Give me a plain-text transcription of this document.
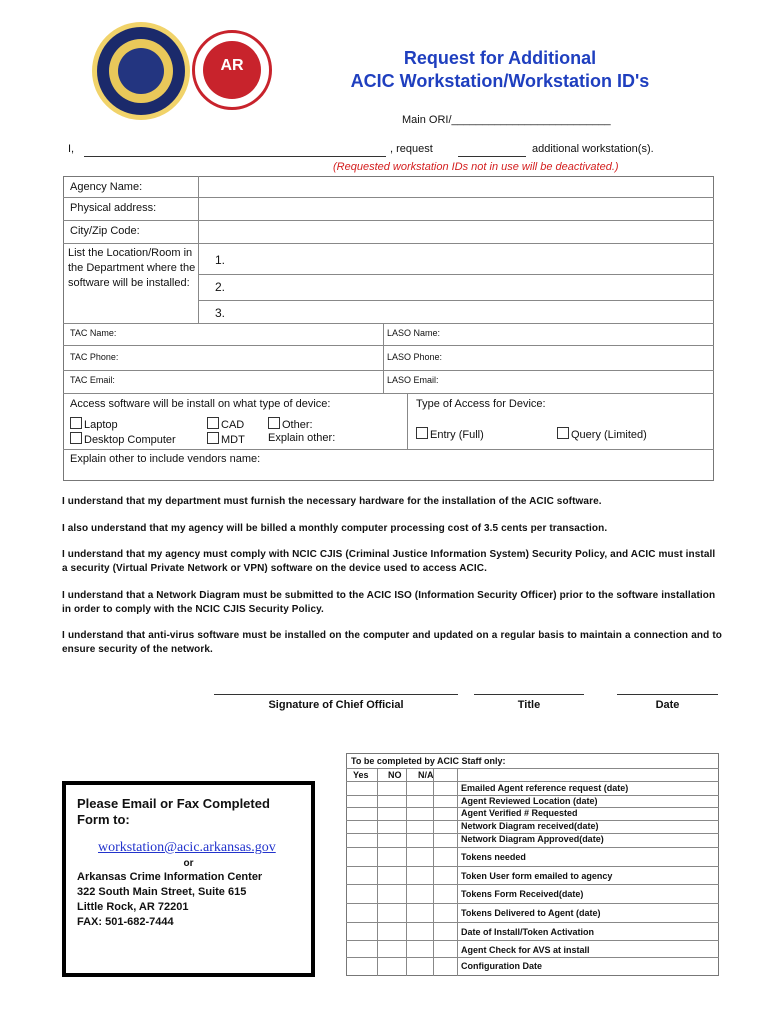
AR	Request for Additional
ACIC Workstation/Workstation ID's
Main ORI/__________________________
I,	, request	additional workstation(s).
(Requested workstation IDs not in use will be deactivated.)
Agency Name:
Physical address:
City/Zip Code:
List the Location/Room in the Department where the software will be installed:
1.
2.
3.
TAC Name:	LASO Name:
TAC Phone:	LASO Phone:
TAC Email:	LASO Email:
Access software will be install on what type of device:
Laptop
Desktop Computer
CAD
MDT
Other:
Explain other:
Type of Access for Device:
Entry (Full)	Query (Limited)
Explain other to include vendors name:
I understand that my department must furnish the necessary hardware for the installation of the ACIC software.
I also understand that my agency will be billed a monthly computer processing cost of 3.5 cents per transaction.
I understand that my agency must comply with NCIC CJIS (Criminal Justice Information System) Security Policy, and ACIC must install a security (Virtual Private Network or VPN) software on the device used to access ACIC.
I understand that a Network Diagram must be submitted to the ACIC ISO (Information Security Officer) prior to the software installation in order to comply with the NCIC CJIS Security Policy.
I understand that anti-virus software must be installed on the computer and updated on a regular basis to maintain a connection and to ensure security of the network.
Signature of Chief Official	Title	Date
Please Email or Fax Completed
Form to:
workstation@acic.arkansas.gov
or
Arkansas Crime Information Center
322 South Main Street, Suite 615
Little Rock, AR 72201
FAX: 501-682-7444
To be completed by ACIC Staff only:
Yes NO N/A
Emailed Agent reference request (date)
Agent Reviewed Location (date)
Agent Verified # Requested
Network Diagram received(date)
Network Diagram Approved(date)
Tokens needed
Token User form emailed to agency
Tokens Form Received(date)
Tokens Delivered to Agent (date)
Date of Install/Token Activation
Agent Check for AVS at install
Configuration Date
